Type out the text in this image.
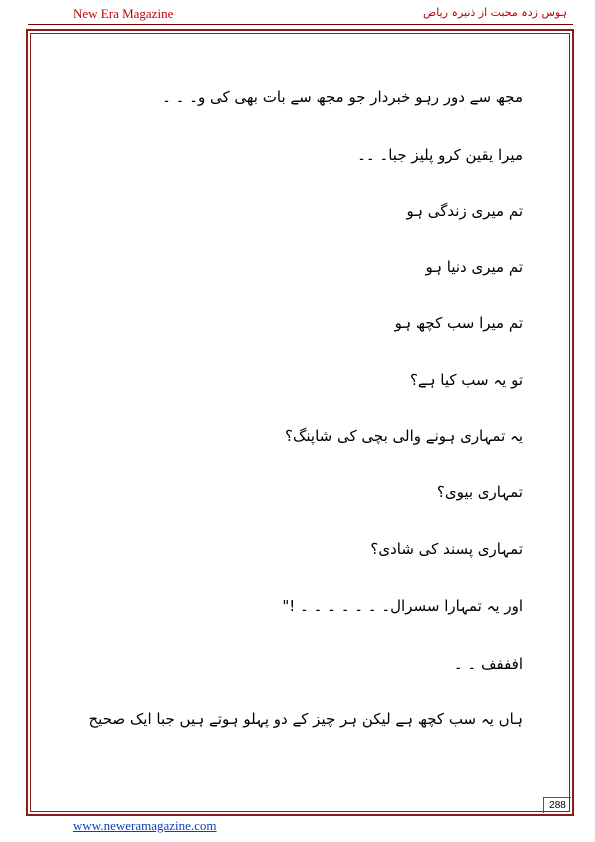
New Era Magazine	ہوس زدہ محبت از ذنیرہ ریاض
مجھ سے دور رہو خبردار جو مجھ سے بات بھی کی و۔ ۔ ۔
میرا یقین کرو پلیز جبا۔ ۔۔
تم میری زندگی ہو
تم میری دنیا ہو
تم میرا سب کچھ ہو
تو یہ سب کیا ہے؟
یہ تمہاری ہونے والی بچی کی شاپنگ؟
تمہاری بیوی؟
تمہاری پسند کی شادی؟
اور یہ تمہارا سسرال۔ ۔ ۔ ۔ ۔ ۔ ۔ !"
افففف ۔ ۔
ہاں یہ سب کچھ ہے لیکن ہر چیز کے دو پہلو ہوتے ہیں جبا ایک صحیح
288
www.neweramagazine.com
